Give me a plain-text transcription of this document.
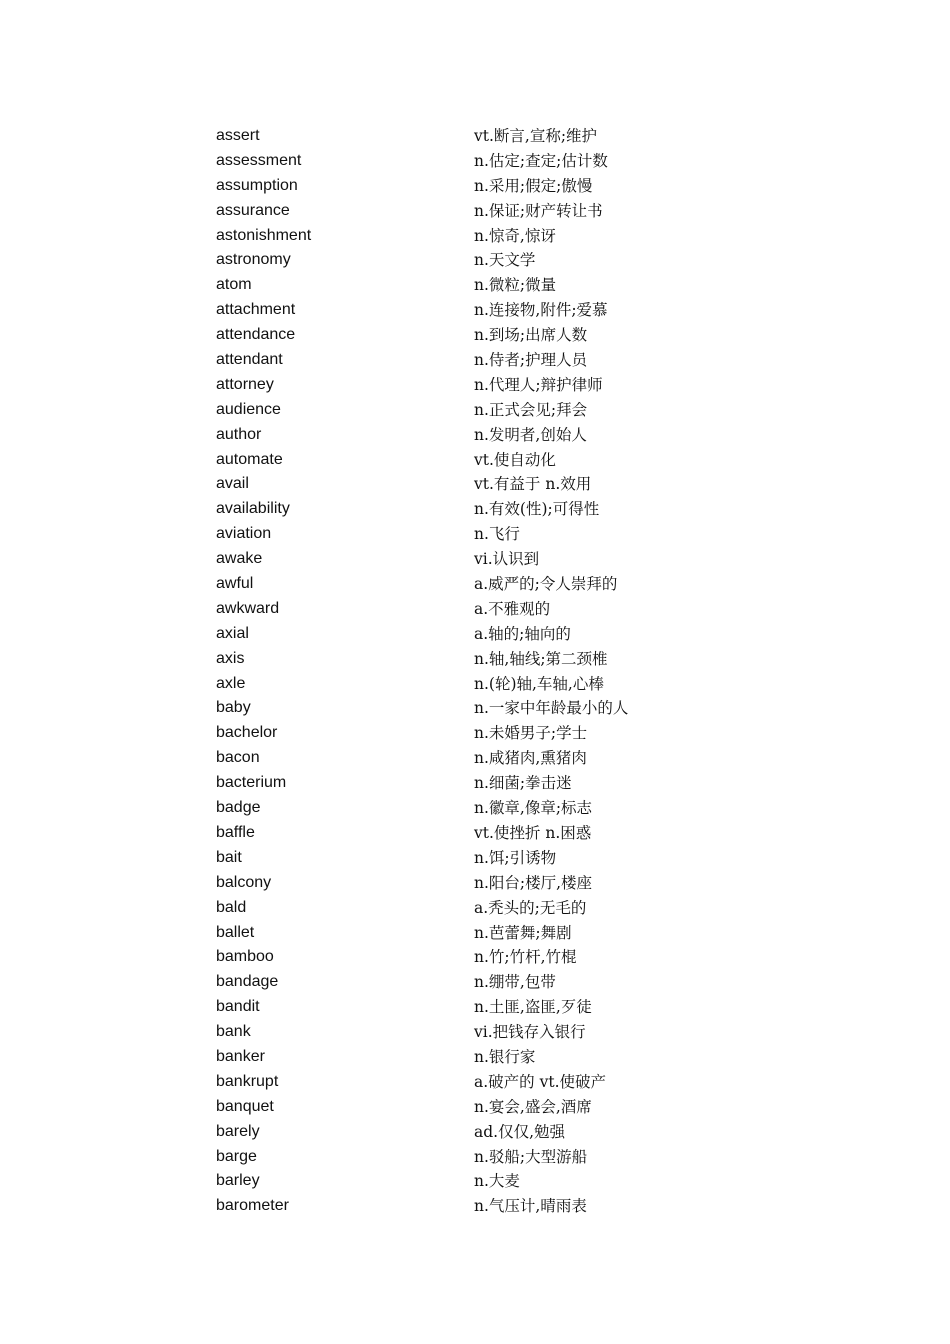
assert	vt.断言,宣称;维护
assessment	n.估定;查定;估计数
assumption	n.采用;假定;傲慢
assurance	n.保证;财产转让书
astonishment	n.惊奇,惊讶
astronomy	n.天文学
atom	n.微粒;微量
attachment	n.连接物,附件;爱慕
attendance	n.到场;出席人数
attendant	n.侍者;护理人员
attorney	n.代理人;辩护律师
audience	n.正式会见;拜会
author	n.发明者,创始人
automate	vt.使自动化
avail	vt.有益于 n.效用
availability	n.有效(性);可得性
aviation	n.飞行
awake	vi.认识到
awful	a.威严的;令人崇拜的
awkward	a.不雅观的
axial	a.轴的;轴向的
axis	n.轴,轴线;第二颈椎
axle	n.(轮)轴,车轴,心棒
baby	n.一家中年龄最小的人
bachelor	n.未婚男子;学士
bacon	n.咸猪肉,熏猪肉
bacterium	n.细菌;拳击迷
badge	n.徽章,像章;标志
baffle	vt.使挫折 n.困惑
bait	n.饵;引诱物
balcony	n.阳台;楼厅,楼座
bald	a.秃头的;无毛的
ballet	n.芭蕾舞;舞剧
bamboo	n.竹;竹杆,竹棍
bandage	n.绷带,包带
bandit	n.土匪,盗匪,歹徒
bank	vi.把钱存入银行
banker	n.银行家
bankrupt	a.破产的 vt.使破产
banquet	n.宴会,盛会,酒席
barely	ad.仅仅,勉强
barge	n.驳船;大型游船
barley	n.大麦
barometer	n.气压计,晴雨表
